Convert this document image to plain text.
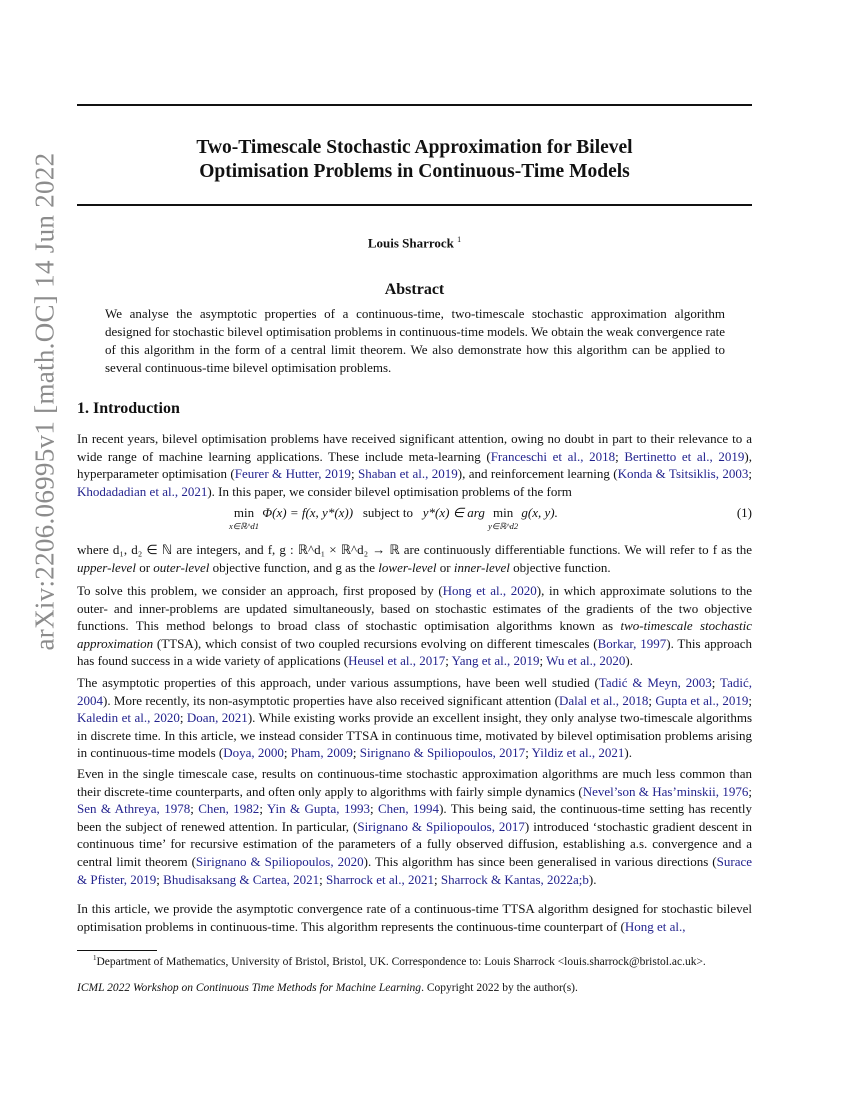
arXiv:2206.06995v1 [math.OC] 14 Jun 2022
Two-Timescale Stochastic Approximation for Bilevel
Optimisation Problems in Continuous-Time Models
Louis Sharrock $^1$
Abstract
We analyse the asymptotic properties of a continuous-time, two-timescale stochastic approximation algorithm designed for stochastic bilevel optimisation problems in continuous-time models. We obtain the weak convergence rate of this algorithm in the form of a central limit theorem. We also demonstrate how this algorithm can be applied to several continuous-time bilevel optimisation problems.
1. Introduction
In recent years, bilevel optimisation problems have received significant attention, owing no doubt in part to their relevance to a wide range of machine learning applications. These include meta-learning (Franceschi et al., 2018; Bertinetto et al., 2019), hyperparameter optimisation (Feurer & Hutter, 2019; Shaban et al., 2019), and reinforcement learning (Konda & Tsitsiklis, 2003; Khodadadian et al., 2021). In this paper, we consider bilevel optimisation problems of the form
min
x∈ℝ^d1
Φ(x) = f(x, y*(x)) subject to y*(x) ∈ arg min
y∈ℝ^d2
g(x, y).	(1)
where d₁, d₂ ∈ ℕ are integers, and f, g : ℝ^d₁ × ℝ^d₂ → ℝ are continuously differentiable functions. We will refer to f as the upper-level or outer-level objective function, and g as the lower-level or inner-level objective function.
To solve this problem, we consider an approach, first proposed by (Hong et al., 2020), in which approximate solutions to the outer- and inner-problems are updated simultaneously, based on stochastic estimates of the gradients of the two objective functions. This method belongs to broad class of stochastic optimisation algorithms known as two-timescale stochastic approximation (TTSA), which consist of two coupled recursions evolving on different timescales (Borkar, 1997). This approach has found success in a wide variety of applications (Heusel et al., 2017; Yang et al., 2019; Wu et al., 2020).
The asymptotic properties of this approach, under various assumptions, have been well studied (Tadić & Meyn, 2003; Tadić, 2004). More recently, its non-asymptotic properties have also received significant attention (Dalal et al., 2018; Gupta et al., 2019; Kaledin et al., 2020; Doan, 2021). While existing works provide an excellent insight, they only analyse two-timescale algorithms in discrete time. In this article, we instead consider TTSA in continuous time, motivated by bilevel optimisation problems arising in continuous-time models (Doya, 2000; Pham, 2009; Sirignano & Spiliopoulos, 2017; Yildiz et al., 2021).
Even in the single timescale case, results on continuous-time stochastic approximation algorithms are much less common than their discrete-time counterparts, and often only apply to algorithms with fairly simple dynamics (Nevel’son & Has’minskii, 1976; Sen & Athreya, 1978; Chen, 1982; Yin & Gupta, 1993; Chen, 1994). This being said, the continuous-time setting has recently been the subject of renewed attention. In particular, (Sirignano & Spiliopoulos, 2017) introduced ‘stochastic gradient descent in continuous time’ for recursive estimation of the parameters of a fully observed diffusion, establishing a.s. convergence and a central limit theorem (Sirignano & Spiliopoulos, 2020). This algorithm has since been generalised in various directions (Surace & Pfister, 2019; Bhudisaksang & Cartea, 2021; Sharrock et al., 2021; Sharrock & Kantas, 2022a;b).
In this article, we provide the asymptotic convergence rate of a continuous-time TTSA algorithm designed for stochastic bilevel optimisation problems in continuous-time. This algorithm represents the continuous-time counterpart of (Hong et al.,
$^1$Department of Mathematics, University of Bristol, Bristol, UK. Correspondence to: Louis Sharrock <louis.sharrock@bristol.ac.uk>.
ICML 2022 Workshop on Continuous Time Methods for Machine Learning. Copyright 2022 by the author(s).
